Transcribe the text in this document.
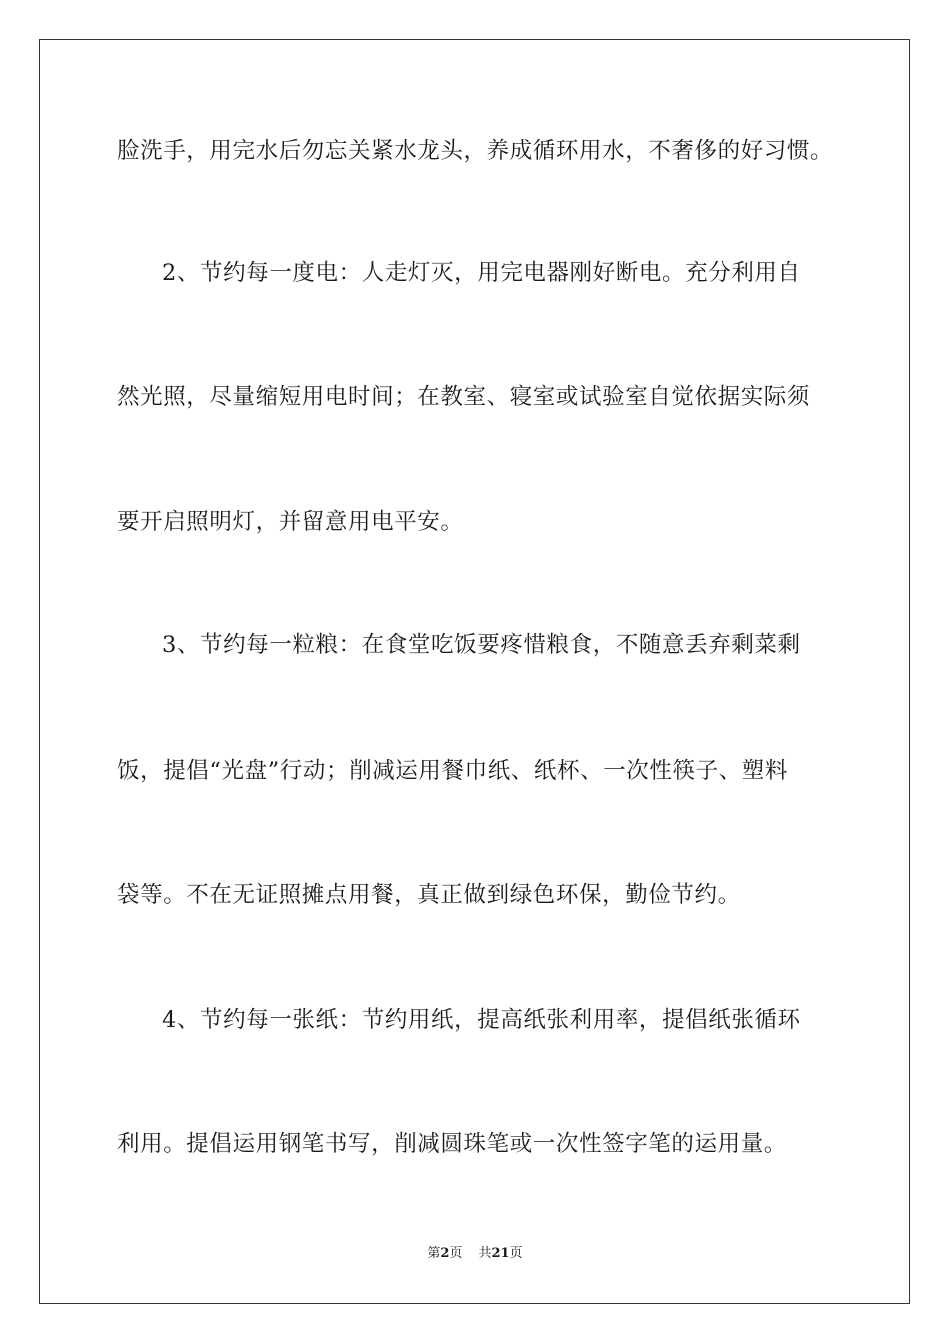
脸洗手，用完水后勿忘关紧水龙头，养成循环用水，不奢侈的好习惯。
2、节约每一度电：人走灯灭，用完电器刚好断电。充分利用自
然光照，尽量缩短用电时间；在教室、寝室或试验室自觉依据实际须
要开启照明灯，并留意用电平安。
3、节约每一粒粮：在食堂吃饭要疼惜粮食，不随意丢弃剩菜剩
饭，提倡“光盘”行动；削减运用餐巾纸、纸杯、一次性筷子、塑料
袋等。不在无证照摊点用餐，真正做到绿色环保，勤俭节约。
4、节约每一张纸：节约用纸，提高纸张利用率，提倡纸张循环
利用。提倡运用钢笔书写，削减圆珠笔或一次性签字笔的运用量。
第2页 共21页
